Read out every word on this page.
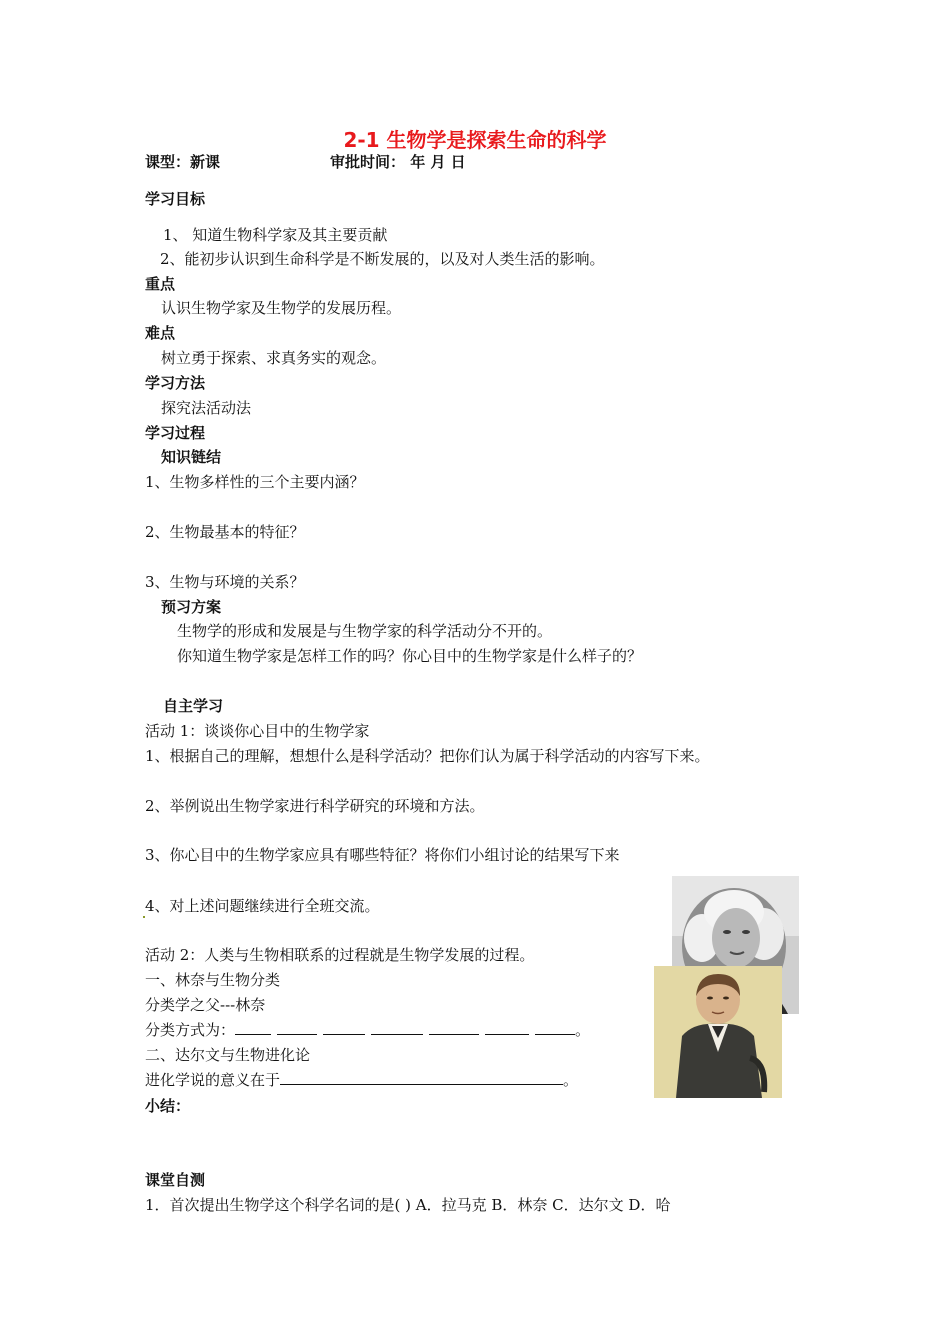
2-1 生物学是探索生命的科学
课型：新课	审批时间： 年 月 日
学习目标
1、 知道生物科学家及其主要贡献
2、能初步认识到生命科学是不断发展的，以及对人类生活的影响。
重点
认识生物学家及生物学的发展历程。
难点
树立勇于探索、求真务实的观念。
学习方法
探究法活动法
学习过程
知识链结
1、生物多样性的三个主要内涵？
2、生物最基本的特征？
3、生物与环境的关系？
预习方案
生物学的形成和发展是与生物学家的科学活动分不开的。
你知道生物学家是怎样工作的吗？你心目中的生物学家是什么样子的？
自主学习
活动 1：谈谈你心目中的生物学家
1、根据自己的理解，想想什么是科学活动？把你们认为属于科学活动的内容写下来。
2、举例说出生物学家进行科学研究的环境和方法。
3、你心目中的生物学家应具有哪些特征？将你们小组讨论的结果写下来
4、对上述问题继续进行全班交流。
活动 2：人类与生物相联系的过程就是生物学发展的过程。
一、林奈与生物分类
分类学之父---林奈
分类方式为：	。
二、达尔文与生物进化论
进化学说的意义在于	。
小结：
课堂自测
1．首次提出生物学这个科学名词的是( ) A．拉马克 B．林奈 C．达尔文 D．哈
